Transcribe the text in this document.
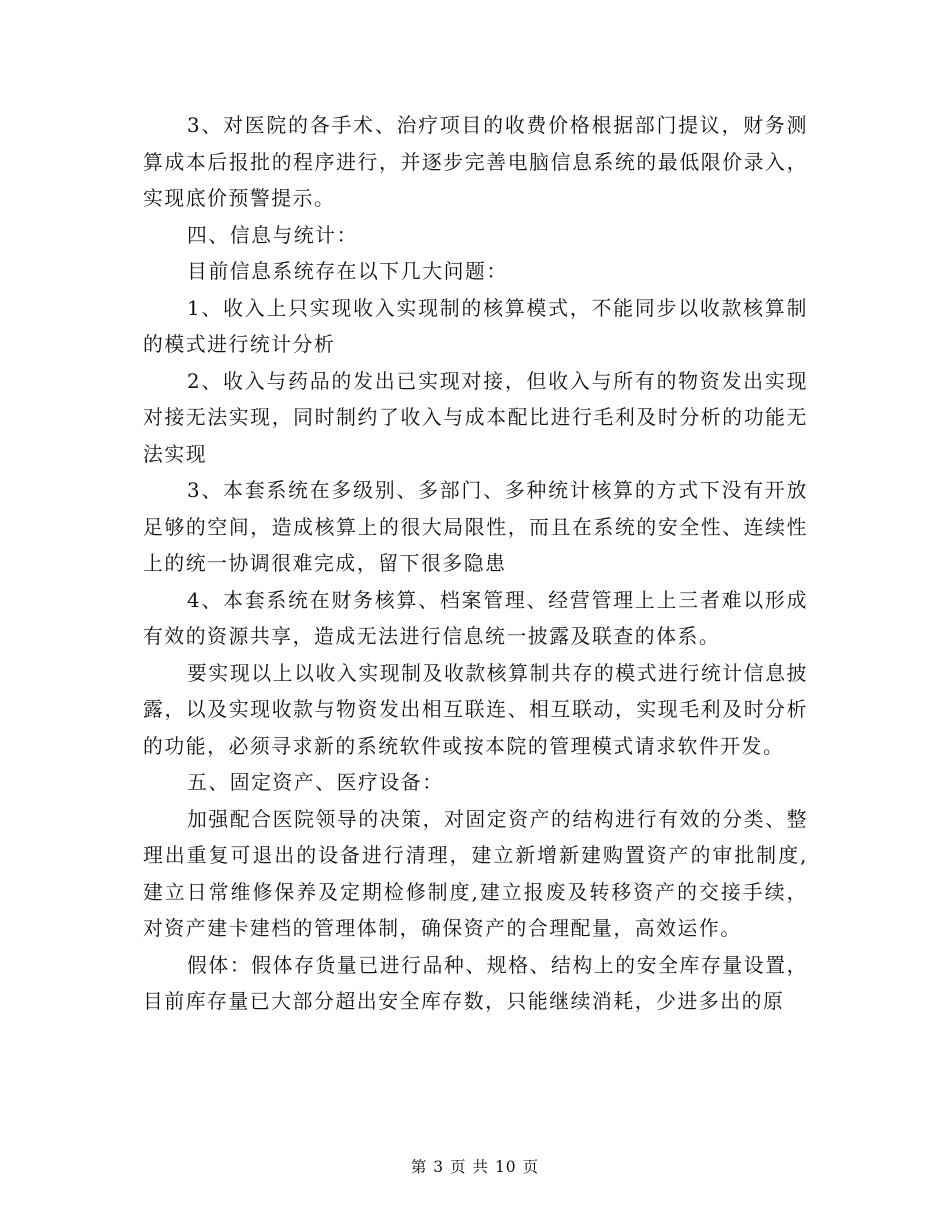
3、对医院的各手术、治疗项目的收费价格根据部门提议，财务测算成本后报批的程序进行，并逐步完善电脑信息系统的最低限价录入，实现底价预警提示。

四、信息与统计：

目前信息系统存在以下几大问题：

1、收入上只实现收入实现制的核算模式，不能同步以收款核算制的模式进行统计分析

2、收入与药品的发出已实现对接，但收入与所有的物资发出实现对接无法实现，同时制约了收入与成本配比进行毛利及时分析的功能无法实现

3、本套系统在多级别、多部门、多种统计核算的方式下没有开放足够的空间，造成核算上的很大局限性，而且在系统的安全性、连续性上的统一协调很难完成，留下很多隐患

4、本套系统在财务核算、档案管理、经营管理上上三者难以形成有效的资源共享，造成无法进行信息统一披露及联查的体系。

要实现以上以收入实现制及收款核算制共存的模式进行统计信息披露，以及实现收款与物资发出相互联连、相互联动，实现毛利及时分析的功能，必须寻求新的系统软件或按本院的管理模式请求软件开发。

五、固定资产、医疗设备：

加强配合医院领导的决策，对固定资产的结构进行有效的分类、整理出重复可退出的设备进行清理，建立新增新建购置资产的审批制度,建立日常维修保养及定期检修制度,建立报废及转移资产的交接手续，对资产建卡建档的管理体制，确保资产的合理配量，高效运作。

假体：假体存货量已进行品种、规格、结构上的安全库存量设置，目前库存量已大部分超出安全库存数，只能继续消耗，少进多出的原

第 3 页 共 10 页
